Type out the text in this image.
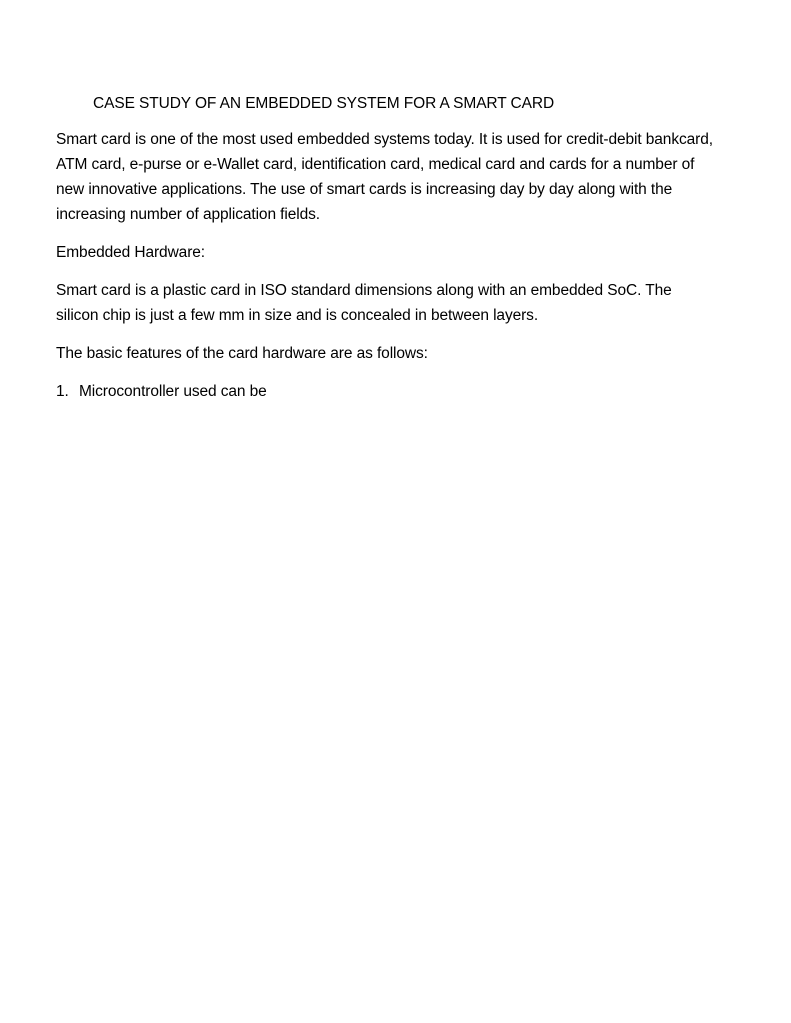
CASE STUDY OF AN EMBEDDED SYSTEM FOR A SMART CARD

Smart card is one of the most used embedded systems today. It is used for credit-debit bankcard, ATM card, e-purse or e-Wallet card, identification card, medical card and cards for a number of new innovative applications. The use of smart cards is increasing day by day along with the increasing number of application fields.

Embedded Hardware:

Smart card is a plastic card in ISO standard dimensions along with an embedded SoC. The silicon chip is just a few mm in size and is concealed in between layers.

The basic features of the card hardware are as follows:

1. Microcontroller used can be
